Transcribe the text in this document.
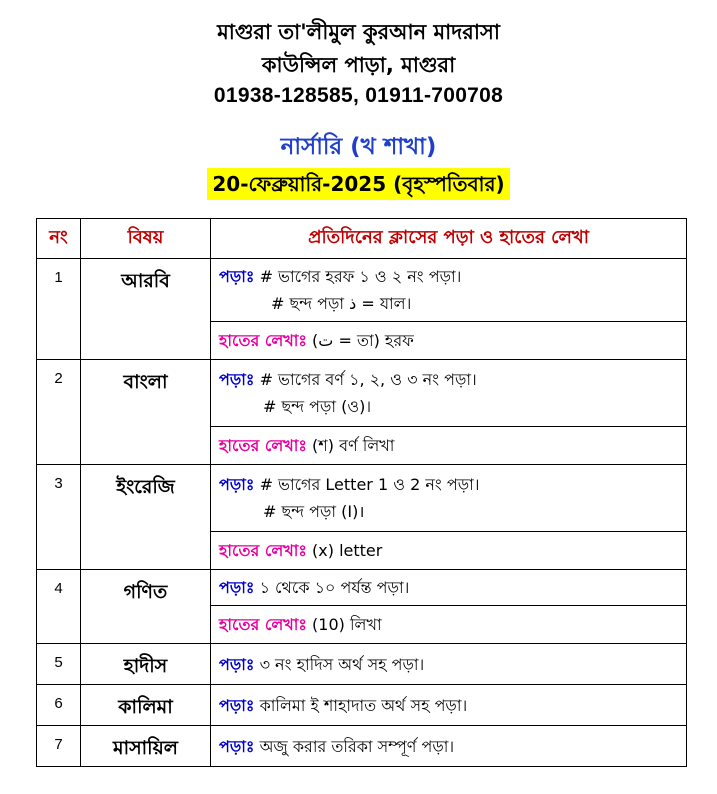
মাগুরা তা'লীমুল কুরআন মাদরাসা
কাউন্সিল পাড়া, মাগুরা
01938-128585, 01911-700708
নার্সারি (খ শাখা)
20-ফেব্রুয়ারি-2025 (বৃহস্পতিবার)
নং	বিষয়	প্রতিদিনের ক্লাসের পড়া ও হাতের লেখা
1	আরবি	পড়াঃ # ভাগের হরফ ১ ও ২ নং পড়া।
# ছন্দ পড়া ذ = যাল।

		হাতের লেখাঃ (ت = তা) হরফ
2	বাংলা	পড়াঃ # ভাগের বর্ণ ১, ২, ও ৩ নং পড়া।
# ছন্দ পড়া (ও)।

		হাতের লেখাঃ (শ) বর্ণ লিখা
3	ইংরেজি	পড়াঃ # ভাগের Letter 1 ও 2 নং পড়া।
# ছন্দ পড়া (I)।

		হাতের লেখাঃ (x) letter
4	গণিত	পড়াঃ ১ থেকে ১০ পর্যন্ত পড়া।
		হাতের লেখাঃ (10) লিখা
5	হাদীস	পড়াঃ ৩ নং হাদিস অর্থ সহ পড়া।
6	কালিমা	পড়াঃ কালিমা ই শাহাদাত অর্থ সহ পড়া।
7	মাসায়িল	পড়াঃ অজু করার তরিকা সম্পূর্ণ পড়া।
